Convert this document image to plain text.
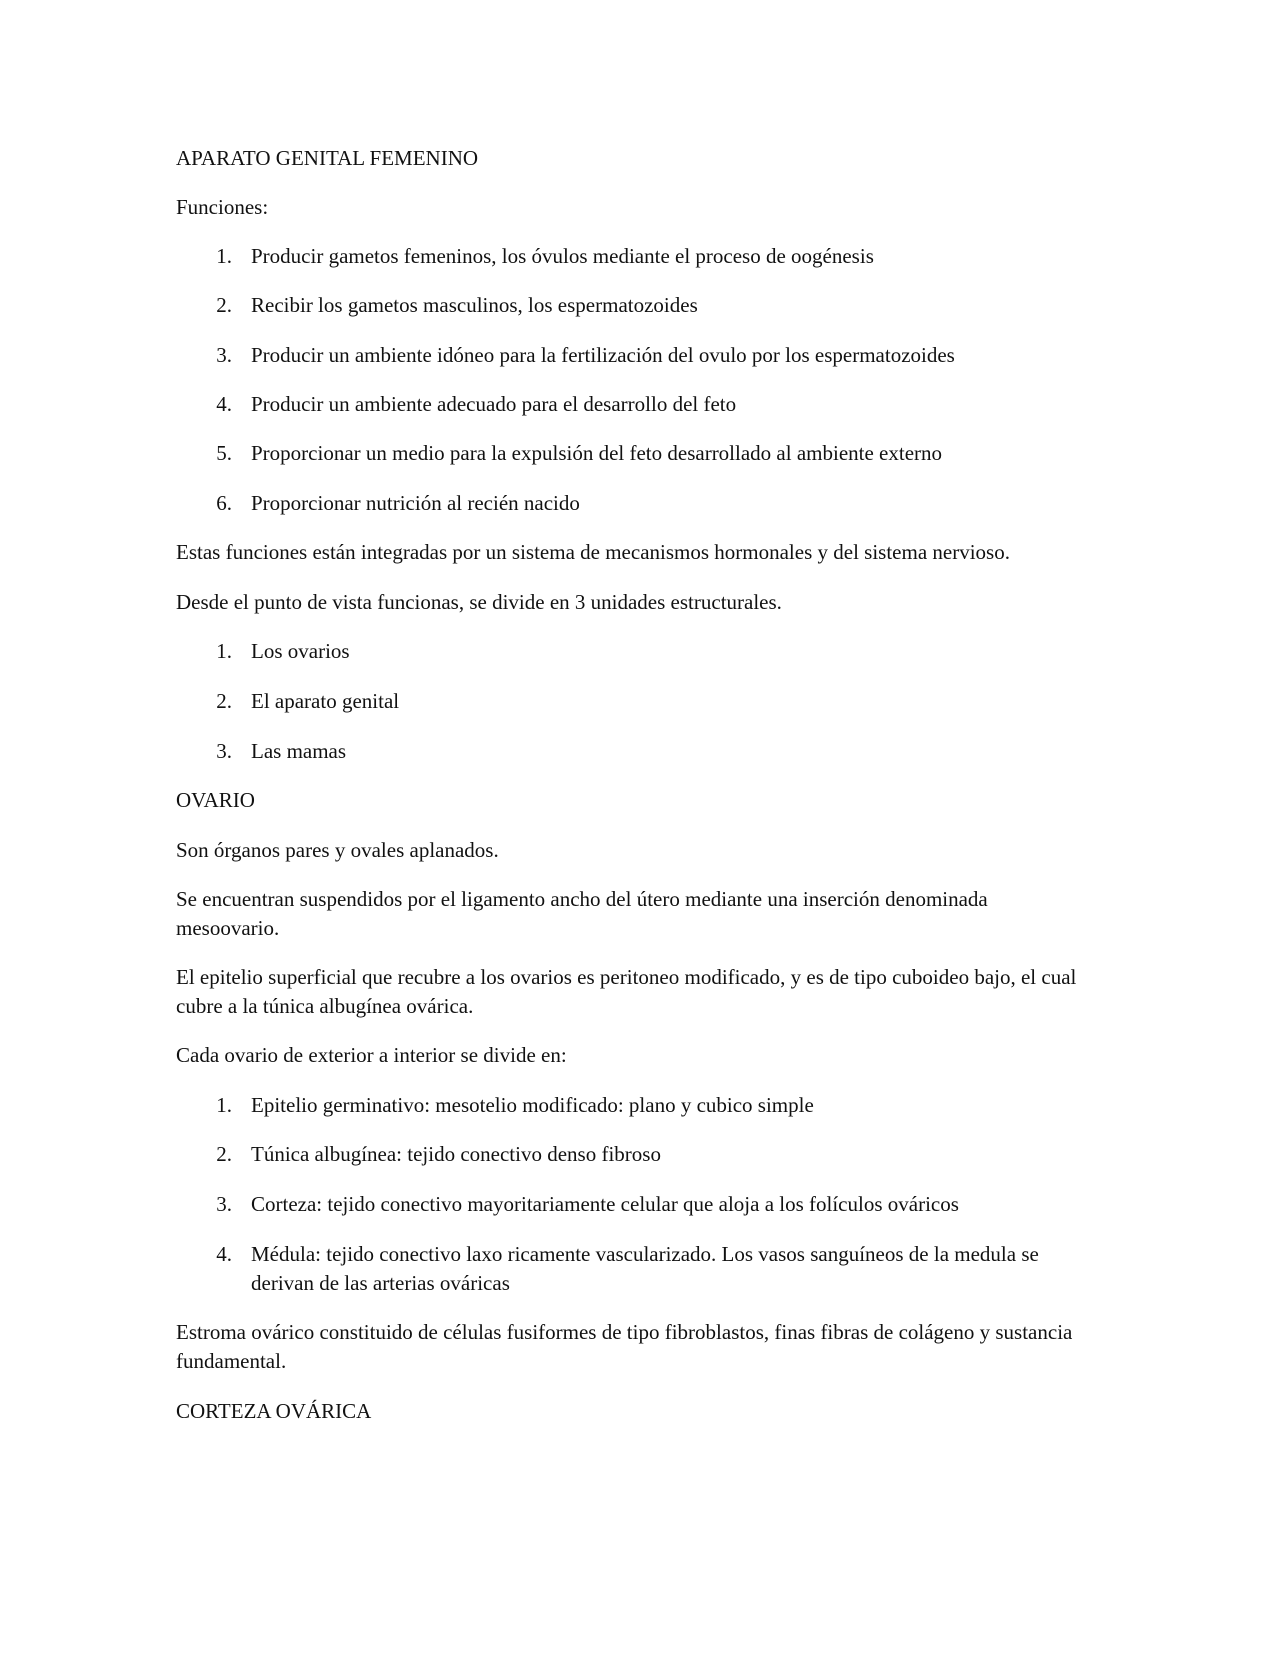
APARATO GENITAL FEMENINO
Funciones:
1. Producir gametos femeninos, los óvulos mediante el proceso de oogénesis
2. Recibir los gametos masculinos, los espermatozoides
3. Producir un ambiente idóneo para la fertilización del ovulo por los espermatozoides
4. Producir un ambiente adecuado para el desarrollo del feto
5. Proporcionar un medio para la expulsión del feto desarrollado al ambiente externo
6. Proporcionar nutrición al recién nacido
Estas funciones están integradas por un sistema de mecanismos hormonales y del sistema nervioso.
Desde el punto de vista funcionas, se divide en 3 unidades estructurales.
1. Los ovarios
2. El aparato genital
3. Las mamas
OVARIO
Son órganos pares y ovales aplanados.
Se encuentran suspendidos por el ligamento ancho del útero mediante una inserción denominada mesoovario.
El epitelio superficial que recubre a los ovarios es peritoneo modificado, y es de tipo cuboideo bajo, el cual cubre a la túnica albugínea ovárica.
Cada ovario de exterior a interior se divide en:
1. Epitelio germinativo: mesotelio modificado: plano y cubico simple
2. Túnica albugínea: tejido conectivo denso fibroso
3. Corteza: tejido conectivo mayoritariamente celular que aloja a los folículos ováricos
4. Médula: tejido conectivo laxo ricamente vascularizado. Los vasos sanguíneos de la medula se derivan de las arterias ováricas
Estroma ovárico constituido de células fusiformes de tipo fibroblastos, finas fibras de colágeno y sustancia fundamental.
CORTEZA OVÁRICA
